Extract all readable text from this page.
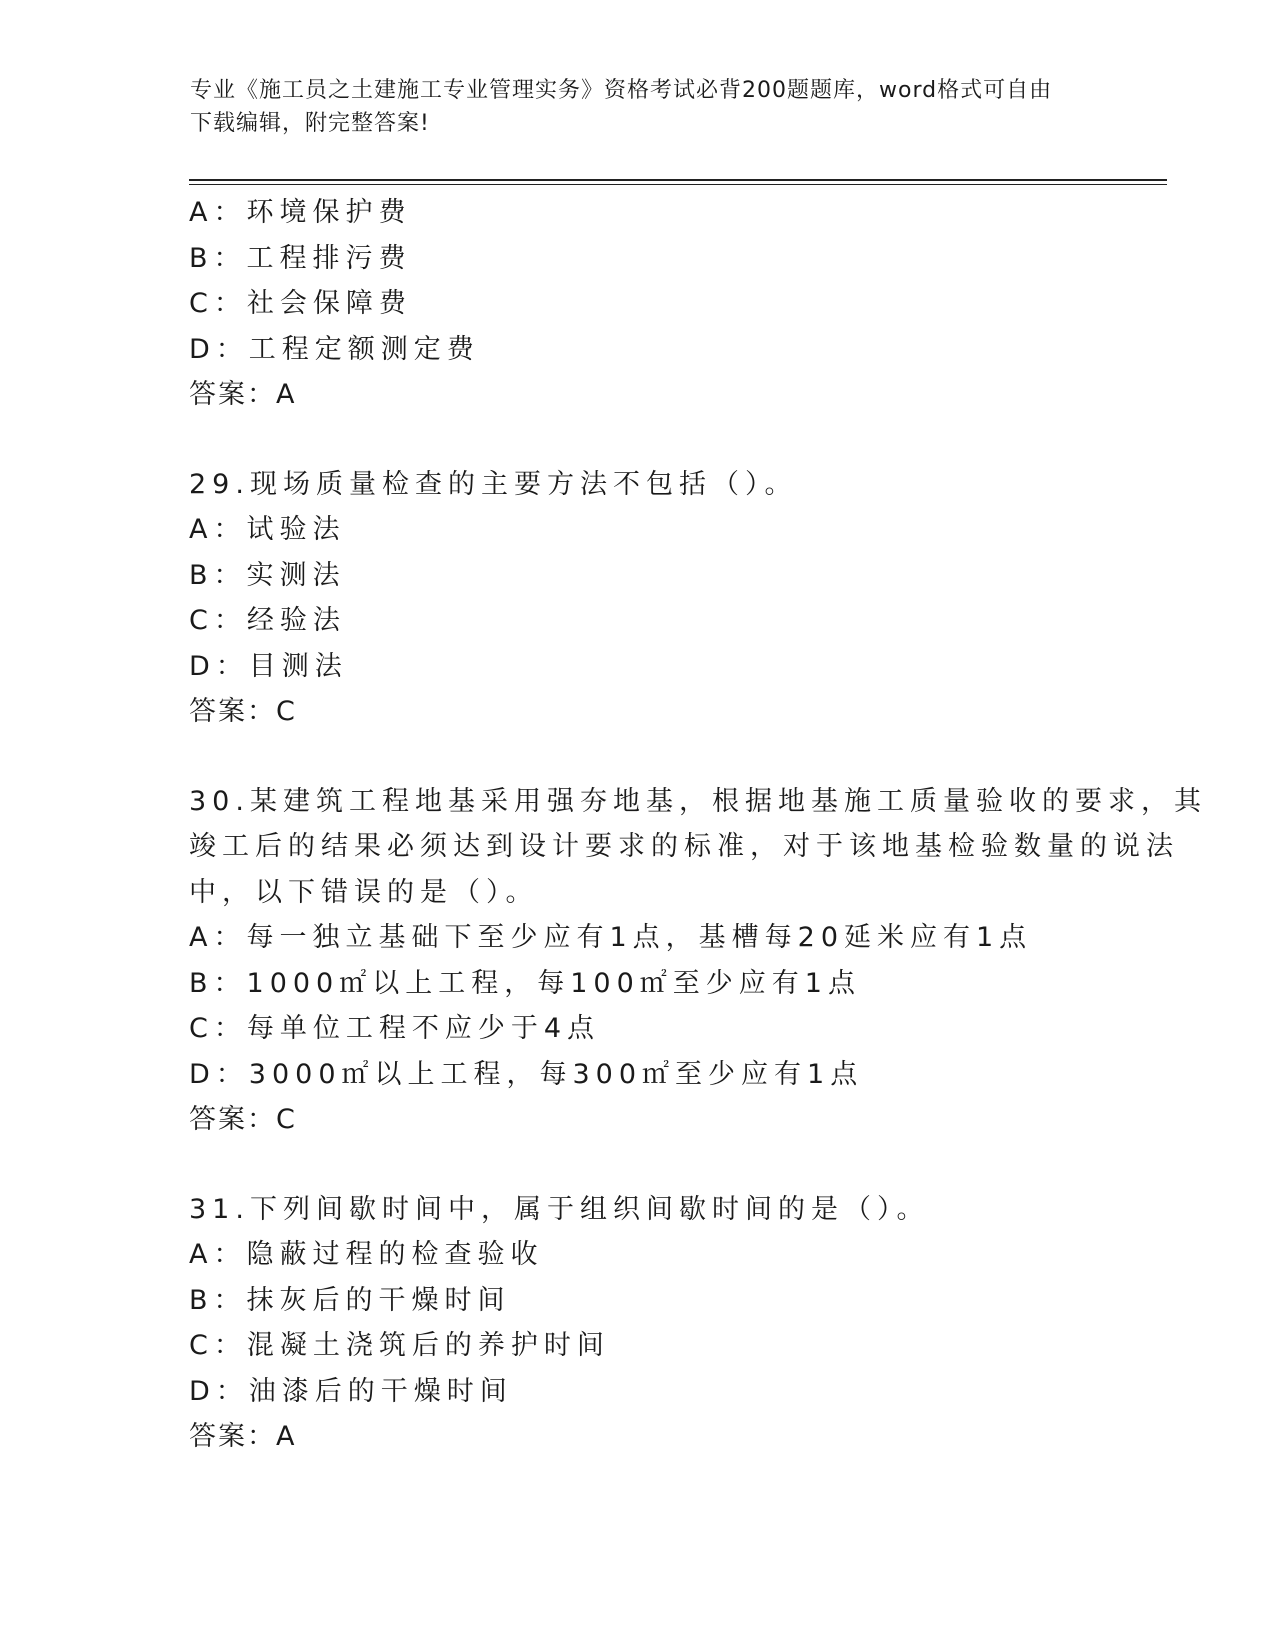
专业《施工员之土建施工专业管理实务》资格考试必背200题题库，word格式可自由下载编辑，附完整答案!
A：环境保护费
B：工程排污费
C：社会保障费
D：工程定额测定费
答案：A
29.现场质量检查的主要方法不包括（）。
A：试验法
B：实测法
C：经验法
D：目测法
答案：C
30.某建筑工程地基采用强夯地基，根据地基施工质量验收的要求，其
竣工后的结果必须达到设计要求的标准，对于该地基检验数量的说法
中，以下错误的是（）。
A：每一独立基础下至少应有1点，基槽每20延米应有1点
B：1000㎡以上工程，每100㎡至少应有1点
C：每单位工程不应少于4点
D：3000㎡以上工程，每300㎡至少应有1点
答案：C
31.下列间歇时间中，属于组织间歇时间的是（）。
A：隐蔽过程的检查验收
B：抹灰后的干燥时间
C：混凝土浇筑后的养护时间
D：油漆后的干燥时间
答案：A
